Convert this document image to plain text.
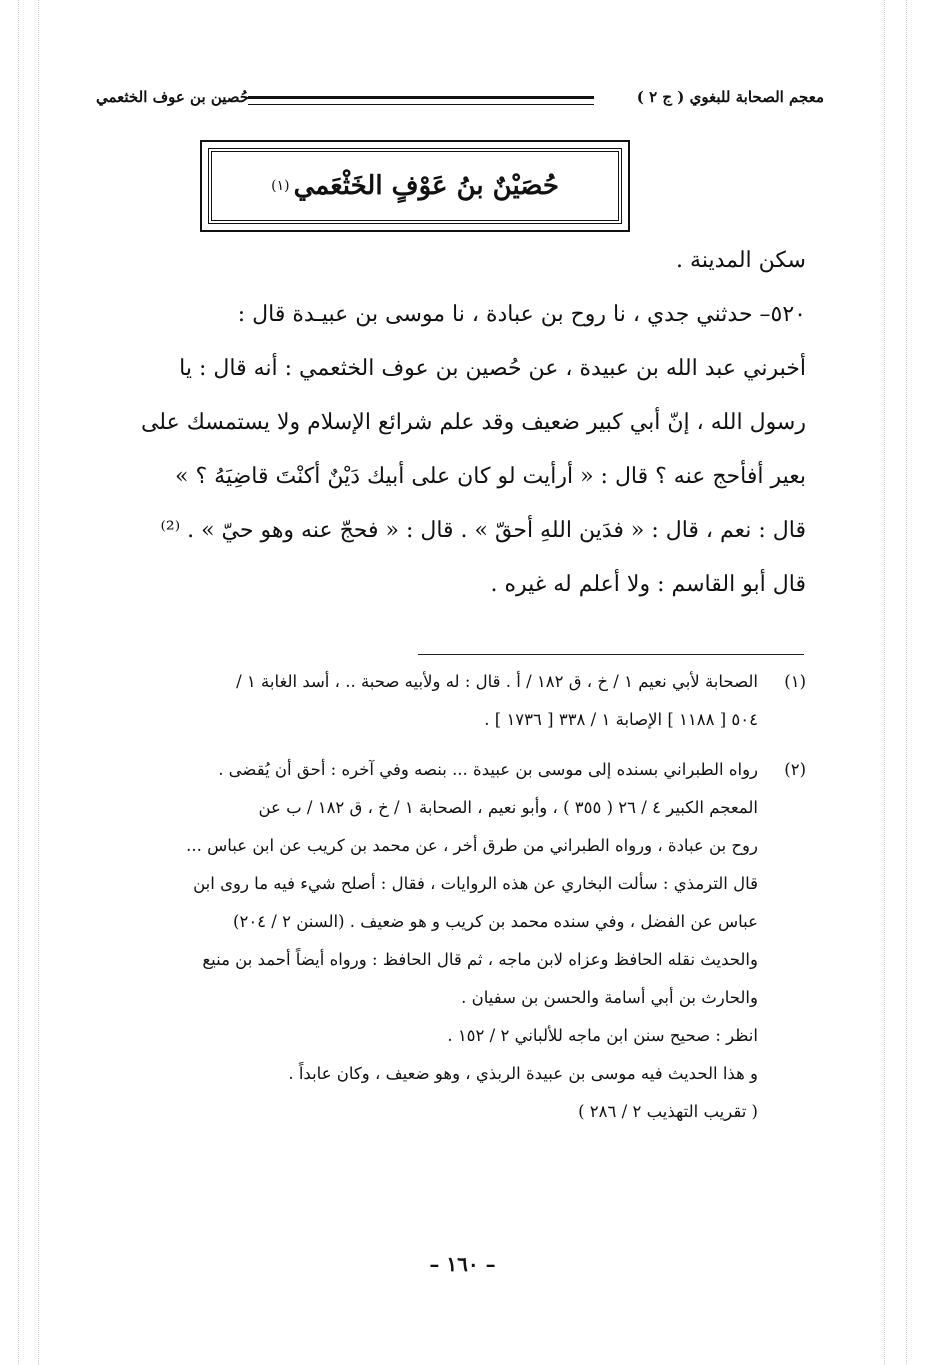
معجم الصحابة للبغوي ( ج ٢ )
حُصين بن عوف الخثعمي
حُصَيْنٌ بنُ عَوْفٍ الخَثْعَمي
(١)
سكن المدينة .
٥٢٠– حدثني جدي ، نا روح بن عبادة ، نا موسى بن عبيـدة قال :
أخبرني عبد الله بن عبيدة ، عن حُصين بن عوف الخثعمي : أنه قال : يا
رسول الله ، إنّ أبي كبير ضعيف وقد علم شرائع الإسلام ولا يستمسك على
بعير أفأحج عنه ؟ قال : « أرأيت لو كان على أبيك دَيْنٌ أكنْتَ قاضِيَهُ ؟ »
قال : نعم ، قال : « فدَين اللهِ أحقّ » . قال : « فحجّ عنه وهو حيّ » . ⁽²⁾
قال أبو القاسم : ولا أعلم له غيره .
(١)
الصحابة لأبي نعيم ١ / خ ، ق ١٨٢ / أ . قال : له ولأبيه صحبة .. ، أسد الغابة ١ /
٥٠٤ [ ١١٨٨ ] الإصابة ١ / ٣٣٨ [ ١٧٣٦ ] .
(٢)
رواه الطبراني بسنده إلى موسى بن عبيدة ... بنصه وفي آخره : أحق أن يُقضى .
المعجم الكبير ٤ / ٢٦ ( ٣٥٥ ) ، وأبو نعيم ، الصحابة ١ / خ ، ق ١٨٢ / ب عن
روح بن عبادة ، ورواه الطبراني من طرق أخر ، عن محمد بن كريب عن ابن عباس ...
قال الترمذي : سألت البخاري عن هذه الروايات ، فقال : أصلح شيء فيه ما روى ابن
عباس عن الفضل ، وفي سنده محمد بن كريب و هو ضعيف . (السنن ٢ / ٢٠٤)
والحديث نقله الحافظ وعزاه لابن ماجه ، ثم قال الحافظ : ورواه أيضاً أحمد بن منيع
والحارث بن أبي أسامة والحسن بن سفيان .
انظر : صحيح سنن ابن ماجه للألباني ٢ / ١٥٢ .
و هذا الحديث فيه موسى بن عبيدة الربذي ، وهو ضعيف ، وكان عابداً .
( تقريب التهذيب ٢ / ٢٨٦ )
– ١٦٠ –
